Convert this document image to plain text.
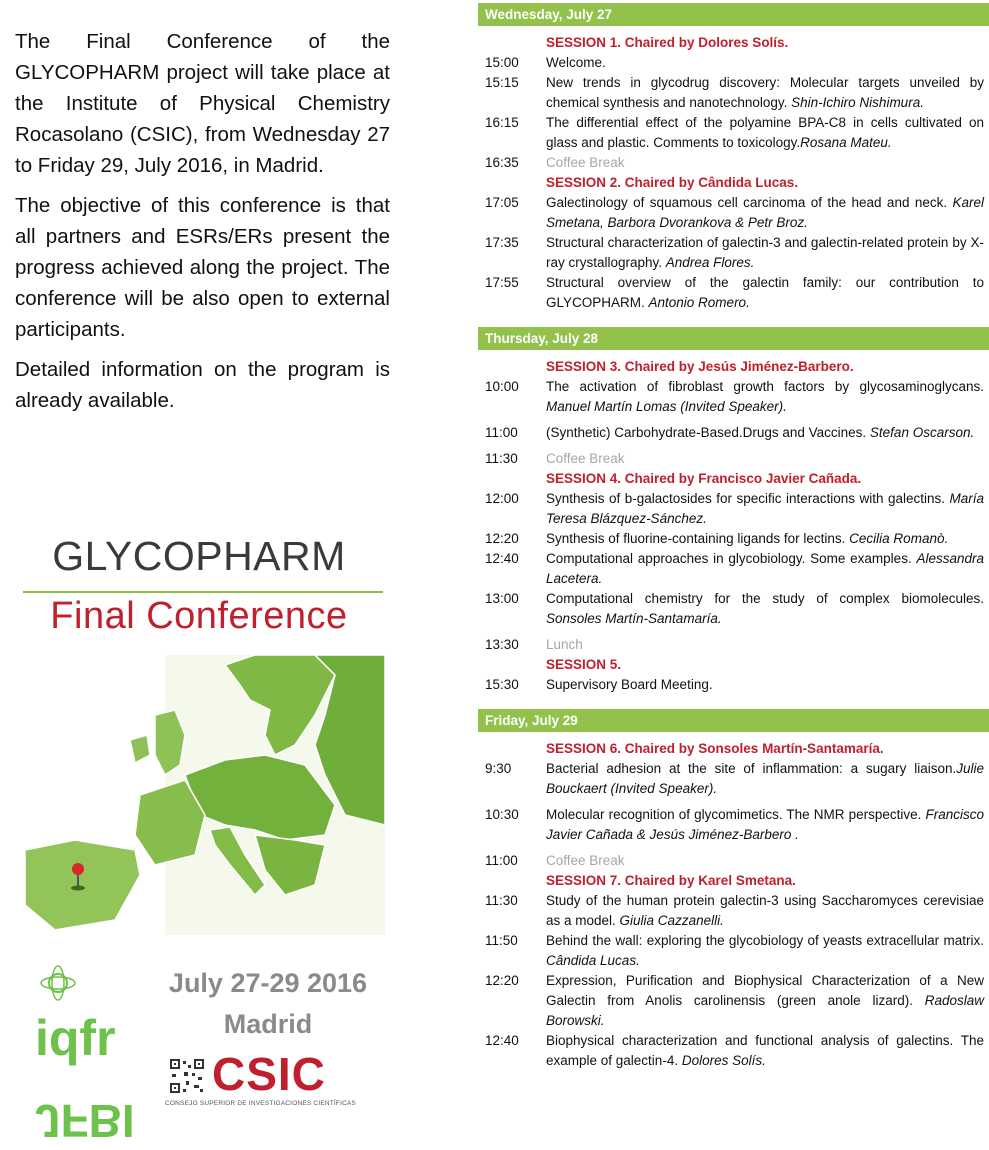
The Final Conference of the GLYCOPHARM project will take place at the Institute of Physical Chemistry Rocasolano (CSIC), from Wednesday 27 to Friday 29, July 2016, in Madrid.

The objective of this conference is that all partners and ESRs/ERs present the progress achieved along the project. The conference will be also open to external participants.

Detailed information on the program is already available.

GLYCOPHARM
Final Conference
iqfr
JFBI
July 27-29 2016
Madrid
CSIC
CONSEJO SUPERIOR DE INVESTIGACIONES CIENTÍFICAS
Wednesday, July 27
SESSION 1. Chaired by Dolores Solís.
15:00	Welcome.
15:15	New trends in glycodrug discovery: Molecular targets unveiled by chemical synthesis and nanotechnology. Shin-Ichiro Nishimura.
16:15	The differential effect of the polyamine BPA-C8 in cells cultivated on glass and plastic. Comments to toxicology.Rosana Mateu.
16:35	Coffee Break
SESSION 2. Chaired by Cândida Lucas.
17:05	Galectinology of squamous cell carcinoma of the head and neck. Karel Smetana, Barbora Dvorankova & Petr Broz.
17:35	Structural characterization of galectin-3 and galectin-related protein by X-ray crystallography. Andrea Flores.
17:55	Structural overview of the galectin family: our contribution to GLYCOPHARM. Antonio Romero.
Thursday, July 28
SESSION 3. Chaired by Jesús Jiménez-Barbero.
10:00	The activation of fibroblast growth factors by glycosaminoglycans. Manuel Martín Lomas (Invited Speaker).
11:00	(Synthetic) Carbohydrate-Based.Drugs and Vaccines. Stefan Oscarson.
11:30	Coffee Break
SESSION 4. Chaired by Francisco Javier Cañada.
12:00	Synthesis of b-galactosides for specific interactions with galectins. María Teresa Blázquez-Sánchez.
12:20	Synthesis of fluorine-containing ligands for lectins. Cecilia Romanò.
12:40	Computational approaches in glycobiology. Some examples. Alessandra Lacetera.
13:00	Computational chemistry for the study of complex biomolecules. Sonsoles Martín-Santamaría.
13:30	Lunch
SESSION 5.
15:30	Supervisory Board Meeting.
Friday, July 29
SESSION 6. Chaired by Sonsoles Martín-Santamaría.
9:30	Bacterial adhesion at the site of inflammation: a sugary liaison.Julie Bouckaert (Invited Speaker).
10:30	Molecular recognition of glycomimetics. The NMR perspective. Francisco Javier Cañada & Jesús Jiménez-Barbero .
11:00	Coffee Break
SESSION 7. Chaired by Karel Smetana.
11:30	Study of the human protein galectin-3 using Saccharomyces cerevisiae as a model. Giulia Cazzanelli.
11:50	Behind the wall: exploring the glycobiology of yeasts extracellular matrix. Cândida Lucas.
12:20	Expression, Purification and Biophysical Characterization of a New Galectin from Anolis carolinensis (green anole lizard). Radoslaw Borowski.
12:40	Biophysical characterization and functional analysis of galectins. The example of galectin-4. Dolores Solís.
